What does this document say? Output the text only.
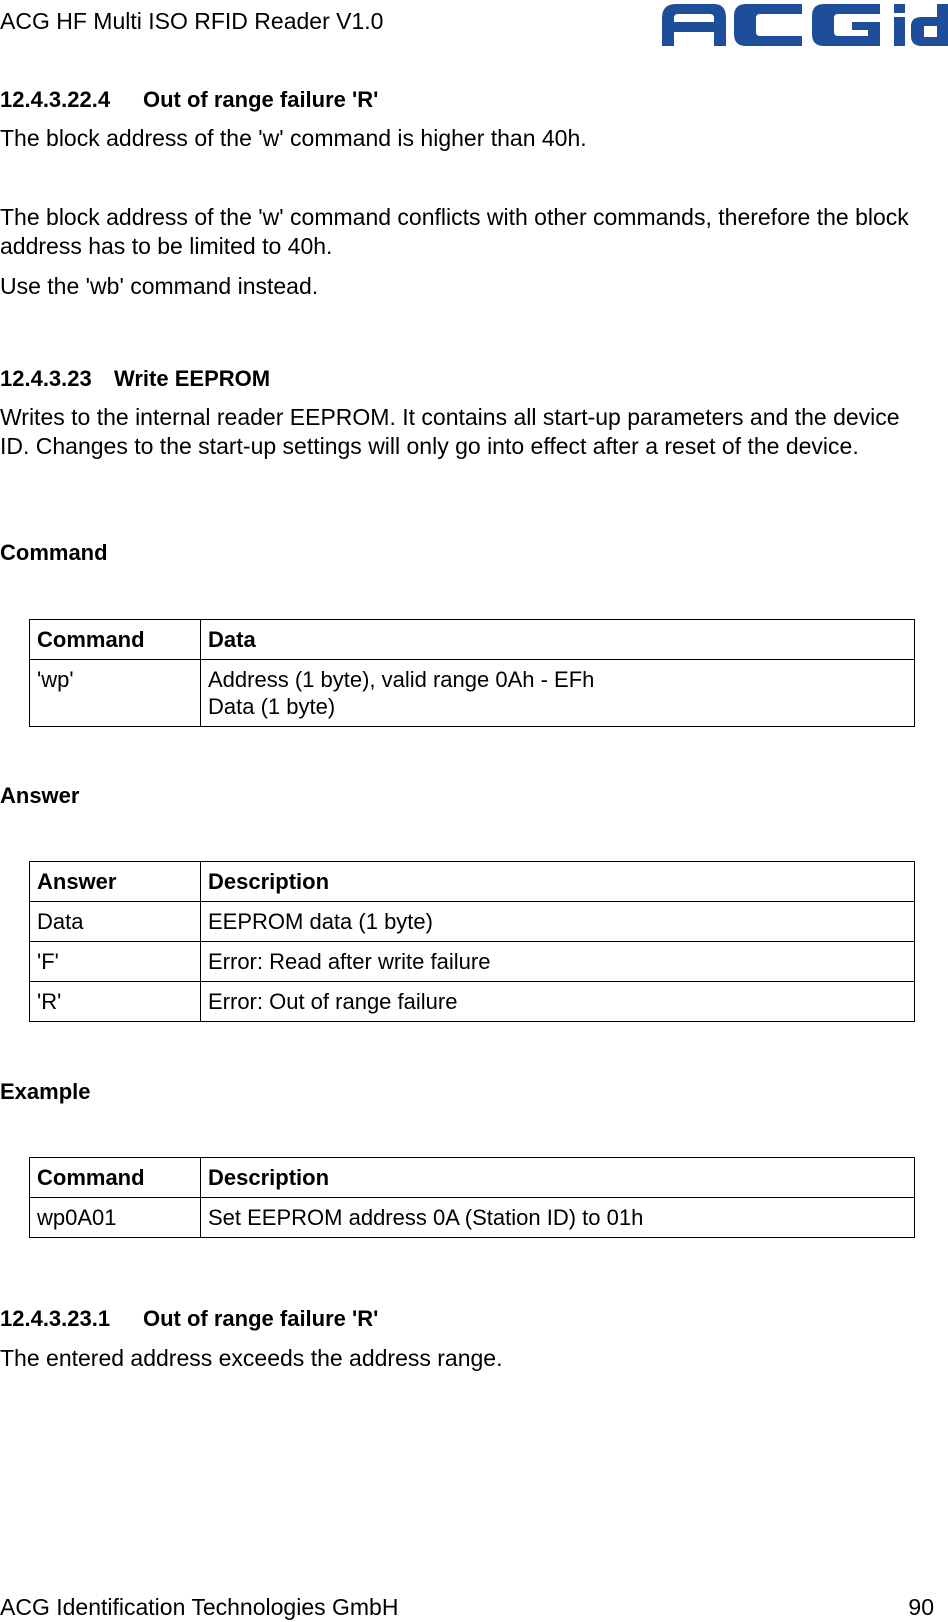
ACG HF Multi ISO RFID Reader V1.0
12.4.3.22.4 Out of range failure 'R'
The block address of the 'w' command is higher than 40h.
The block address of the 'w' command conflicts with other commands, therefore the block address has to be limited to 40h.
Use the 'wb' command instead.
12.4.3.23 Write EEPROM
Writes to the internal reader EEPROM. It contains all start-up parameters and the device ID. Changes to the start-up settings will only go into effect after a reset of the device.
Command
Command	Data
'wp'	Address (1 byte), valid range 0Ah - EFh
Data (1 byte)
Answer
Answer	Description
Data	EEPROM data (1 byte)
'F'	Error: Read after write failure
'R'	Error: Out of range failure
Example
Command	Description
wp0A01	Set EEPROM address 0A (Station ID) to 01h
12.4.3.23.1 Out of range failure 'R'
The entered address exceeds the address range.
ACG Identification Technologies GmbH	90
